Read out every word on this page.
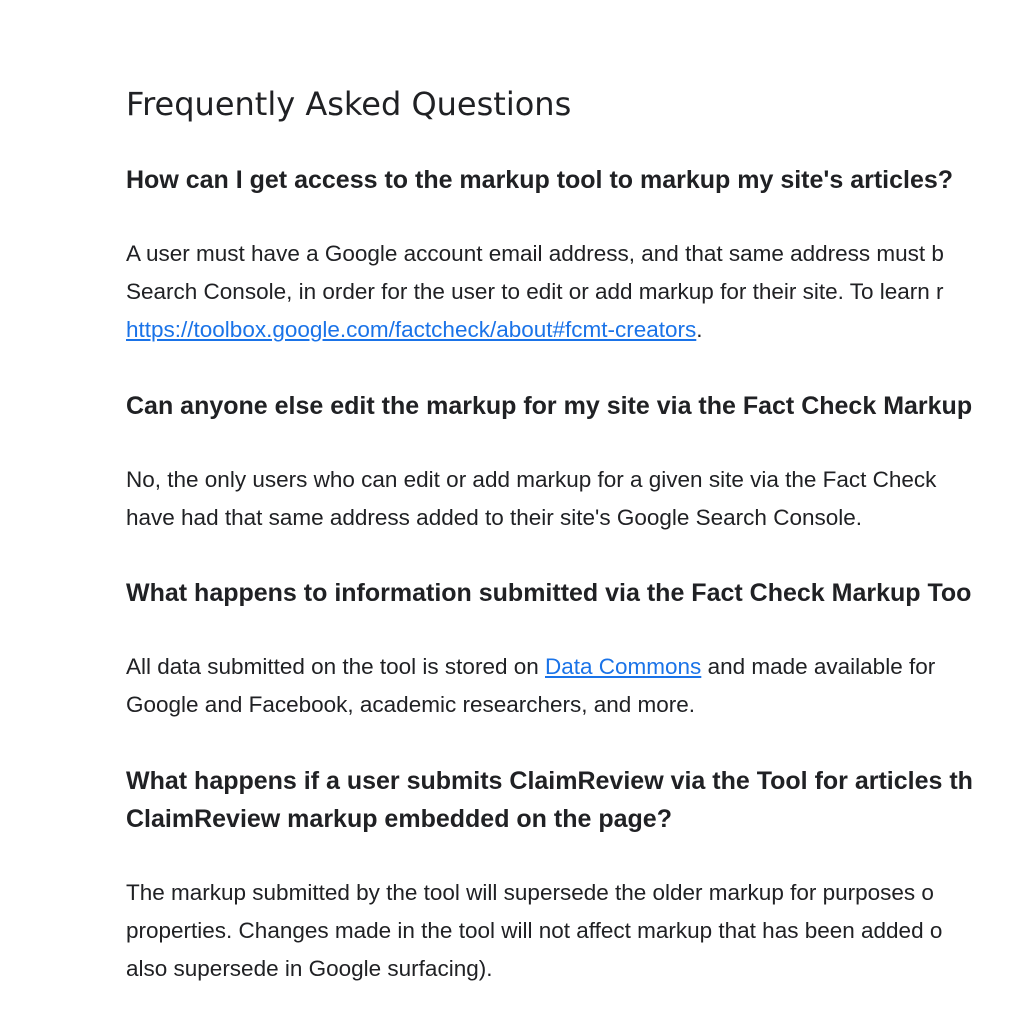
Frequently Asked Questions
How can I get access to the markup tool to markup my site's articles?

A user must have a Google account email address, and that same address must b
Search Console, in order for the user to edit or add markup for their site. To learn r
https://toolbox.google.com/factcheck/about#fcmt-creators.

Can anyone else edit the markup for my site via the Fact Check Markup

No, the only users who can edit or add markup for a given site via the Fact Check
have had that same address added to their site's Google Search Console.

What happens to information submitted via the Fact Check Markup Too

All data submitted on the tool is stored on Data Commons and made available for
Google and Facebook, academic researchers, and more.

What happens if a user submits ClaimReview via the Tool for articles th
ClaimReview markup embedded on the page?

The markup submitted by the tool will supersede the older markup for purposes o
properties. Changes made in the tool will not affect markup that has been added o
also supersede in Google surfacing).
